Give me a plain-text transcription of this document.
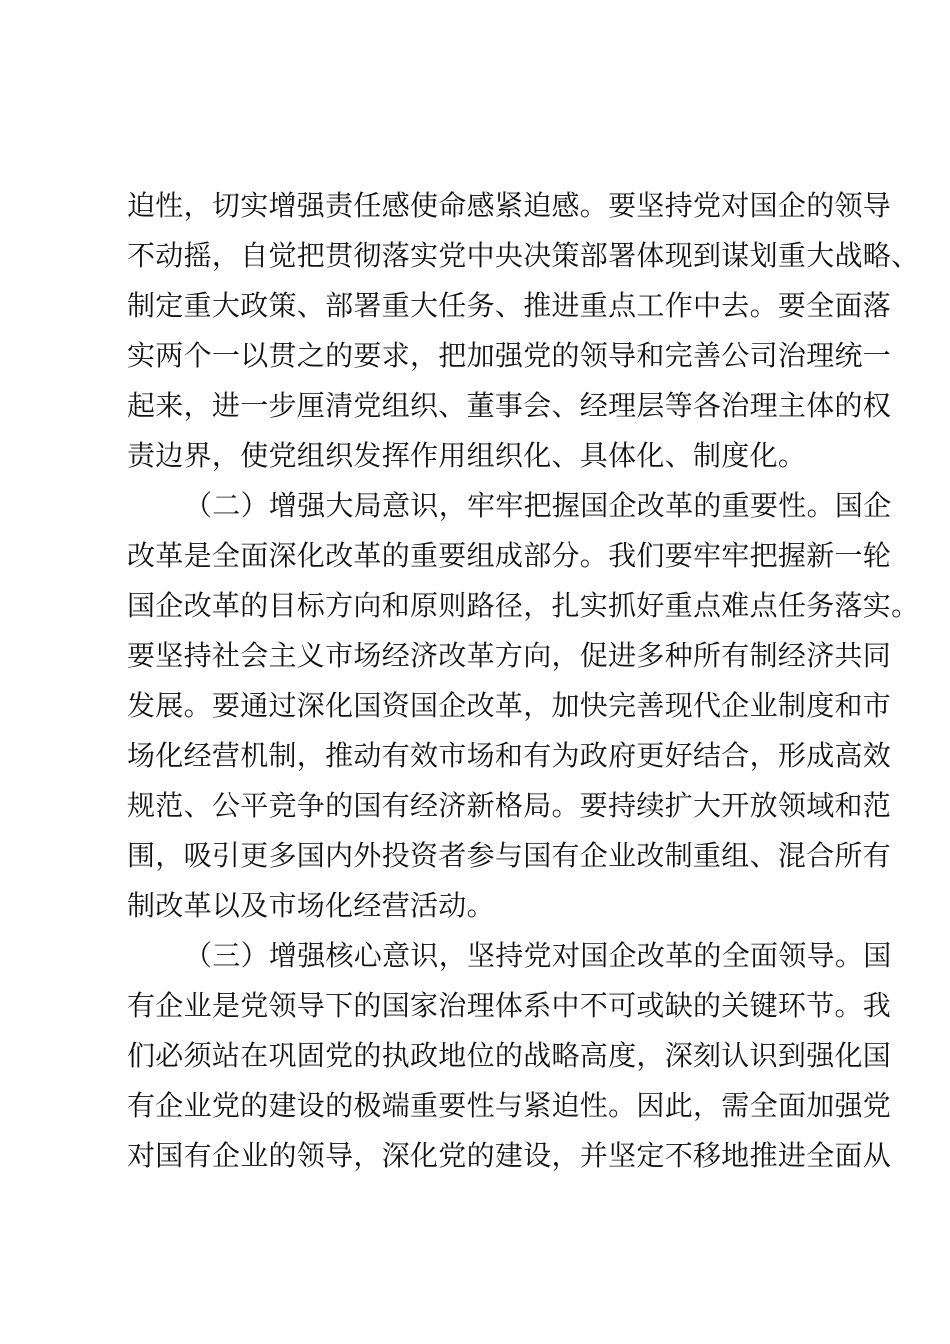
迫性，切实增强责任感使命感紧迫感。要坚持党对国企的领导
不动摇，自觉把贯彻落实党中央决策部署体现到谋划重大战略、
制定重大政策、部署重大任务、推进重点工作中去。要全面落
实两个一以贯之的要求，把加强党的领导和完善公司治理统一
起来，进一步厘清党组织、董事会、经理层等各治理主体的权
责边界，使党组织发挥作用组织化、具体化、制度化。
（二）增强大局意识，牢牢把握国企改革的重要性。国企
改革是全面深化改革的重要组成部分。我们要牢牢把握新一轮
国企改革的目标方向和原则路径，扎实抓好重点难点任务落实。
要坚持社会主义市场经济改革方向，促进多种所有制经济共同
发展。要通过深化国资国企改革，加快完善现代企业制度和市
场化经营机制，推动有效市场和有为政府更好结合，形成高效
规范、公平竞争的国有经济新格局。要持续扩大开放领域和范
围，吸引更多国内外投资者参与国有企业改制重组、混合所有
制改革以及市场化经营活动。
（三）增强核心意识，坚持党对国企改革的全面领导。国
有企业是党领导下的国家治理体系中不可或缺的关键环节。我
们必须站在巩固党的执政地位的战略高度，深刻认识到强化国
有企业党的建设的极端重要性与紧迫性。因此，需全面加强党
对国有企业的领导，深化党的建设，并坚定不移地推进全面从
